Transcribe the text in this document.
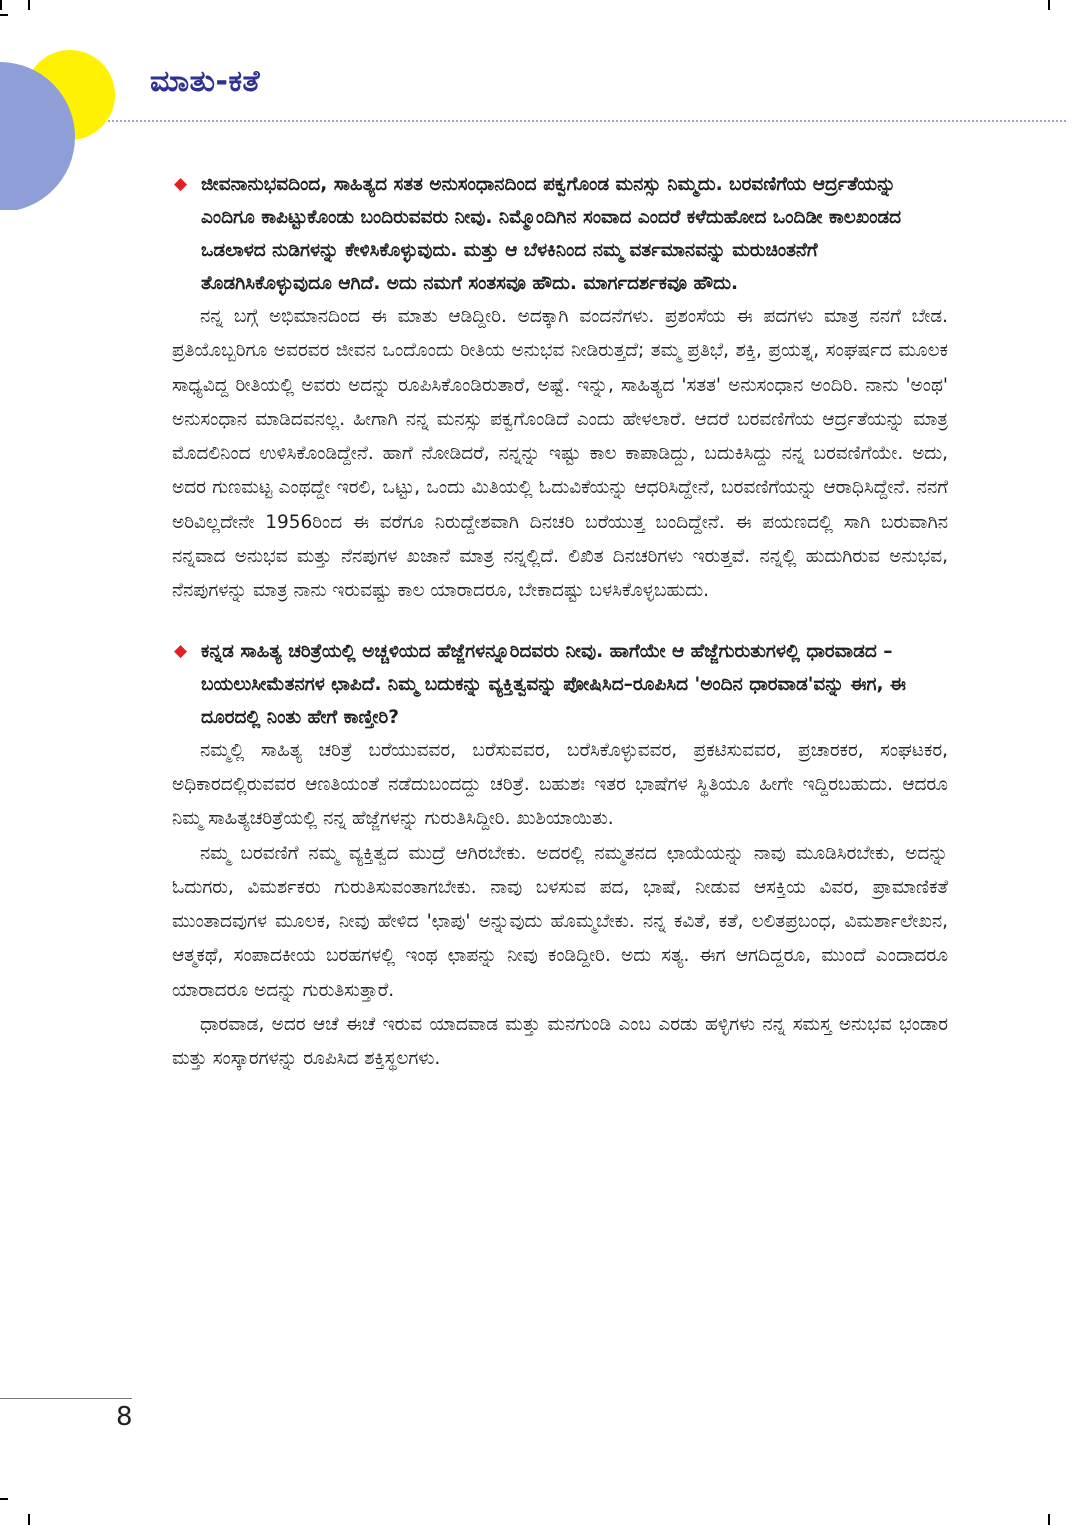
ಮಾತು-ಕತೆ

◆ ಜೀವನಾನುಭವದಿಂದ, ಸಾಹಿತ್ಯದ ಸತತ ಅನುಸಂಧಾನದಿಂದ ಪಕ್ವಗೊಂಡ ಮನಸ್ಸು ನಿಮ್ಮದು. ಬರವಣಿಗೆಯ ಆರ್ದ್ರತೆಯನ್ನು ಎಂದಿಗೂ ಕಾಪಿಟ್ಟುಕೊಂಡು ಬಂದಿರುವವರು ನೀವು. ನಿಮ್ಮೊಂದಿಗಿನ ಸಂವಾದ ಎಂದರೆ ಕಳೆದುಹೋದ ಒಂದಿಡೀ ಕಾಲಖಂಡದ ಒಡಲಾಳದ ನುಡಿಗಳನ್ನು ಕೇಳಿಸಿಕೊಳ್ಳುವುದು. ಮತ್ತು ಆ ಬೆಳಕಿನಿಂದ ನಮ್ಮ ವರ್ತಮಾನವನ್ನು ಮರುಚಿಂತನೆಗೆ ತೊಡಗಿಸಿಕೊಳ್ಳುವುದೂ ಆಗಿದೆ. ಅದು ನಮಗೆ ಸಂತಸವೂ ಹೌದು. ಮಾರ್ಗದರ್ಶಕವೂ ಹೌದು.

ನನ್ನ ಬಗ್ಗೆ ಅಭಿಮಾನದಿಂದ ಈ ಮಾತು ಆಡಿದ್ದೀರಿ. ಅದಕ್ಕಾಗಿ ವಂದನೆಗಳು. ಪ್ರಶಂಸೆಯ ಈ ಪದಗಳು ಮಾತ್ರ ನನಗೆ ಬೇಡ. ಪ್ರತಿಯೊಬ್ಬರಿಗೂ ಅವರವರ ಜೀವನ ಒಂದೊಂದು ರೀತಿಯ ಅನುಭವ ನೀಡಿರುತ್ತದೆ; ತಮ್ಮ ಪ್ರತಿಭೆ, ಶಕ್ತಿ, ಪ್ರಯತ್ನ, ಸಂಘರ್ಷದ ಮೂಲಕ ಸಾಧ್ಯವಿದ್ದ ರೀತಿಯಲ್ಲಿ ಅವರು ಅದನ್ನು ರೂಪಿಸಿಕೊಂಡಿರುತಾರೆ, ಅಷ್ಟೆ. ಇನ್ನು, ಸಾಹಿತ್ಯದ 'ಸತತ' ಅನುಸಂಧಾನ ಅಂದಿರಿ. ನಾನು 'ಅಂಥ' ಅನುಸಂಧಾನ ಮಾಡಿದವನಲ್ಲ. ಹೀಗಾಗಿ ನನ್ನ ಮನಸ್ಸು ಪಕ್ವಗೊಂಡಿದೆ ಎಂದು ಹೇಳಲಾರೆ. ಆದರೆ ಬರವಣಿಗೆಯ ಆರ್ದ್ರತೆಯನ್ನು ಮಾತ್ರ ಮೊದಲಿನಿಂದ ಉಳಿಸಿಕೊಂಡಿದ್ದೇನೆ. ಹಾಗೆ ನೋಡಿದರೆ, ನನ್ನನ್ನು ಇಷ್ಟು ಕಾಲ ಕಾಪಾಡಿದ್ದು, ಬದುಕಿಸಿದ್ದು ನನ್ನ ಬರವಣಿಗೆಯೇ. ಅದು, ಅದರ ಗುಣಮಟ್ಟ ಎಂಥದ್ದೇ ಇರಲಿ, ಒಟ್ಟು, ಒಂದು ಮಿತಿಯಲ್ಲಿ ಓದುವಿಕೆಯನ್ನು ಆಧರಿಸಿದ್ದೇನೆ, ಬರವಣಿಗೆಯನ್ನು ಆರಾಧಿಸಿದ್ದೇನೆ. ನನಗೆ ಅರಿವಿಲ್ಲದೇನೇ 1956ರಿಂದ ಈ ವರೆಗೂ ನಿರುದ್ದೇಶವಾಗಿ ದಿನಚರಿ ಬರೆಯುತ್ತ ಬಂದಿದ್ದೇನೆ. ಈ ಪಯಣದಲ್ಲಿ ಸಾಗಿ ಬರುವಾಗಿನ ನನ್ನವಾದ ಅನುಭವ ಮತ್ತು ನೆನಪುಗಳ ಖಜಾನೆ ಮಾತ್ರ ನನ್ನಲ್ಲಿದೆ. ಲಿಖಿತ ದಿನಚರಿಗಳು ಇರುತ್ತವೆ. ನನ್ನಲ್ಲಿ ಹುದುಗಿರುವ ಅನುಭವ, ನೆನಪುಗಳನ್ನು ಮಾತ್ರ ನಾನು ಇರುವಷ್ಟು ಕಾಲ ಯಾರಾದರೂ, ಬೇಕಾದಷ್ಟು ಬಳಸಿಕೊಳ್ಳಬಹುದು.

◆ ಕನ್ನಡ ಸಾಹಿತ್ಯ ಚರಿತ್ರೆಯಲ್ಲಿ ಅಚ್ಚಳಿಯದ ಹೆಜ್ಜೆಗಳನ್ನೂರಿದವರು ನೀವು. ಹಾಗೆಯೇ ಆ ಹೆಜ್ಜೆಗುರುತುಗಳಲ್ಲಿ ಧಾರವಾಡದ – ಬಯಲುಸೀಮೆತನಗಳ ಛಾಪಿದೆ. ನಿಮ್ಮ ಬದುಕನ್ನು ವ್ಯಕ್ತಿತ್ವವನ್ನು ಪೋಷಿಸಿದ–ರೂಪಿಸಿದ 'ಅಂದಿನ ಧಾರವಾಡ'ವನ್ನು ಈಗ, ಈ ದೂರದಲ್ಲಿ ನಿಂತು ಹೇಗೆ ಕಾಣ್ತೀರಿ?

ನಮ್ಮಲ್ಲಿ ಸಾಹಿತ್ಯ ಚರಿತ್ರೆ ಬರೆಯುವವರ, ಬರೆಸುವವರ, ಬರೆಸಿಕೊಳ್ಳುವವರ, ಪ್ರಕಟಿಸುವವರ, ಪ್ರಚಾರಕರ, ಸಂಘಟಕರ, ಅಧಿಕಾರದಲ್ಲಿರುವವರ ಆಣತಿಯಂತೆ ನಡೆದುಬಂದದ್ದು ಚರಿತ್ರೆ. ಬಹುಶಃ ಇತರ ಭಾಷೆಗಳ ಸ್ಥಿತಿಯೂ ಹೀಗೇ ಇದ್ದಿರಬಹುದು. ಆದರೂ ನಿಮ್ಮ ಸಾಹಿತ್ಯಚರಿತ್ರೆಯಲ್ಲಿ ನನ್ನ ಹೆಜ್ಜೆಗಳನ್ನು ಗುರುತಿಸಿದ್ದೀರಿ. ಖುಶಿಯಾಯಿತು.

ನಮ್ಮ ಬರವಣಿಗೆ ನಮ್ಮ ವ್ಯಕ್ತಿತ್ವದ ಮುದ್ರೆ ಆಗಿರಬೇಕು. ಅದರಲ್ಲಿ ನಮ್ಮತನದ ಛಾಯೆಯನ್ನು ನಾವು ಮೂಡಿಸಿರಬೇಕು, ಅದನ್ನು ಓದುಗರು, ವಿಮರ್ಶಕರು ಗುರುತಿಸುವಂತಾಗಬೇಕು. ನಾವು ಬಳಸುವ ಪದ, ಭಾಷೆ, ನೀಡುವ ಆಸಕ್ತಿಯ ವಿವರ, ಪ್ರಾಮಾಣಿಕತೆ ಮುಂತಾದವುಗಳ ಮೂಲಕ, ನೀವು ಹೇಳಿದ 'ಛಾಪು' ಅನ್ನುವುದು ಹೊಮ್ಮಬೇಕು. ನನ್ನ ಕವಿತೆ, ಕತೆ, ಲಲಿತಪ್ರಬಂಧ, ವಿಮರ್ಶಾಲೇಖನ, ಆತ್ಮಕಥೆ, ಸಂಪಾದಕೀಯ ಬರಹಗಳಲ್ಲಿ ಇಂಥ ಛಾಪನ್ನು ನೀವು ಕಂಡಿದ್ದೀರಿ. ಅದು ಸತ್ಯ. ಈಗ ಆಗದಿದ್ದರೂ, ಮುಂದೆ ಎಂದಾದರೂ ಯಾರಾದರೂ ಅದನ್ನು ಗುರುತಿಸುತ್ತಾರೆ.

ಧಾರವಾಡ, ಅದರ ಆಚೆ ಈಚೆ ಇರುವ ಯಾದವಾಡ ಮತ್ತು ಮನಗುಂಡಿ ಎಂಬ ಎರಡು ಹಳ್ಳಿಗಳು ನನ್ನ ಸಮಸ್ತ ಅನುಭವ ಭಂಡಾರ ಮತ್ತು ಸಂಸ್ಕಾರಗಳನ್ನು ರೂಪಿಸಿದ ಶಕ್ತಿಸ್ಥಲಗಳು.

8
